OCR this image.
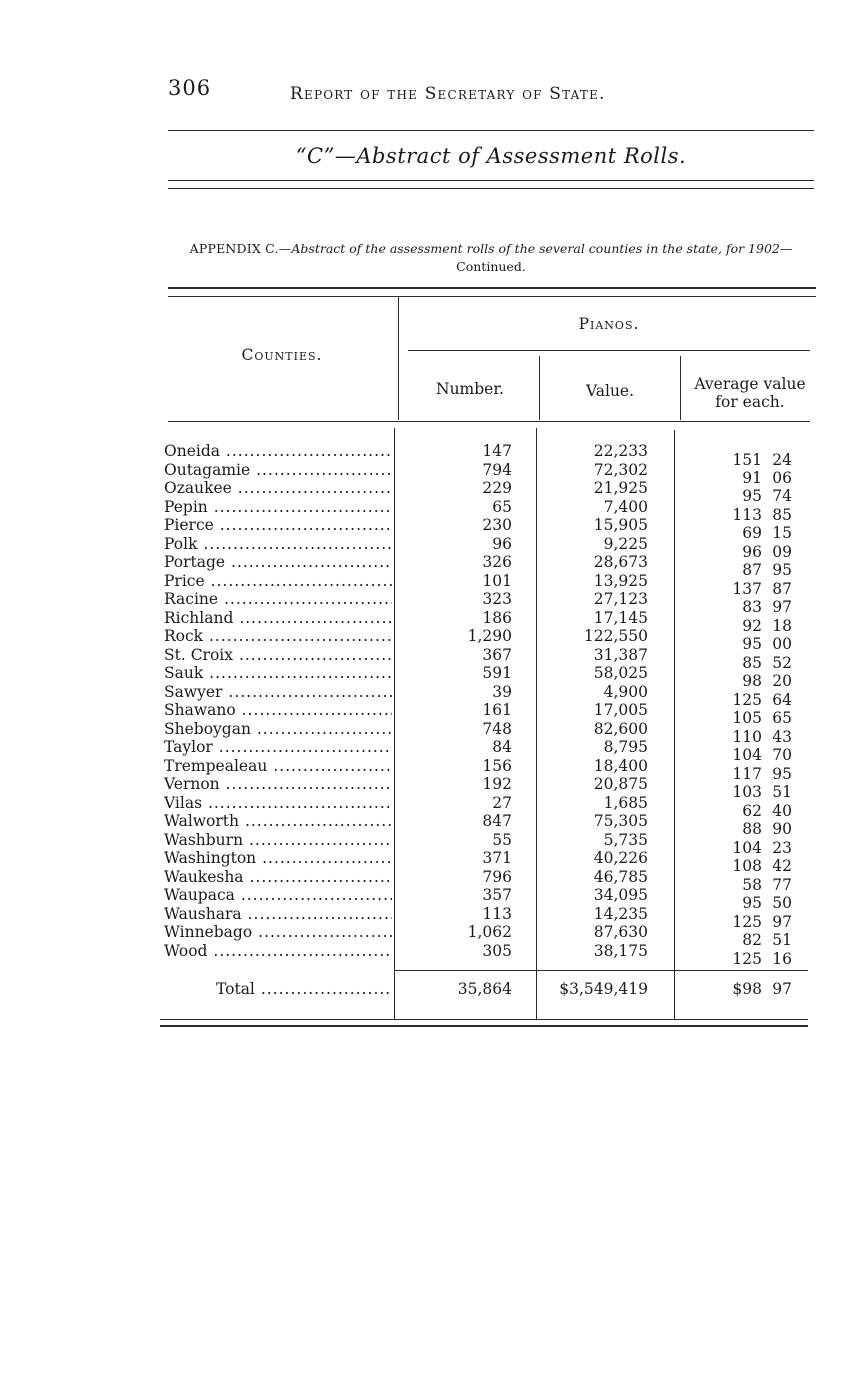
306	Report of the Secretary of State.
“C”—Abstract of Assessment Rolls.
APPENDIX C.—Abstract of the assessment rolls of the several counties in the state, for 1902—Continued.
Counties.
Pianos.
Number.	Value.	Average value
for each.
Oneida .....	147	22,233	151 24
Outagamie .....	794	72,302	91 06
Ozaukee .....	229	21,925	95 74
Pepin .....	65	7,400	113 85
Pierce .....	230	15,905	69 15
Polk .....	96	9,225	96 09
Portage .....	326	28,673	87 95
Price .....	101	13,925	137 87
Racine .....	323	27,123	83 97
Richland .....	186	17,145	92 18
Rock .....	1,290	122,550	95 00
St. Croix .....	367	31,387	85 52
Sauk .....	591	58,025	98 20
Sawyer .....	39	4,900	125 64
Shawano .....	161	17,005	105 65
Sheboygan .....	748	82,600	110 43
Taylor .....	84	8,795	104 70
Trempealeau .....	156	18,400	117 95
Vernon .....	192	20,875	103 51
Vilas .....	27	1,685	62 40
Walworth .....	847	75,305	88 90
Washburn .....	55	5,735	104 23
Washington .....	371	40,226	108 42
Waukesha .....	796	46,785	58 77
Waupaca .....	357	34,095	95 50
Waushara .....	113	14,235	125 97
Winnebago .....	1,062	87,630	82 51
Wood .....	305	38,175	125 16
Total .....	35,864	$3,549,419	$98 97
